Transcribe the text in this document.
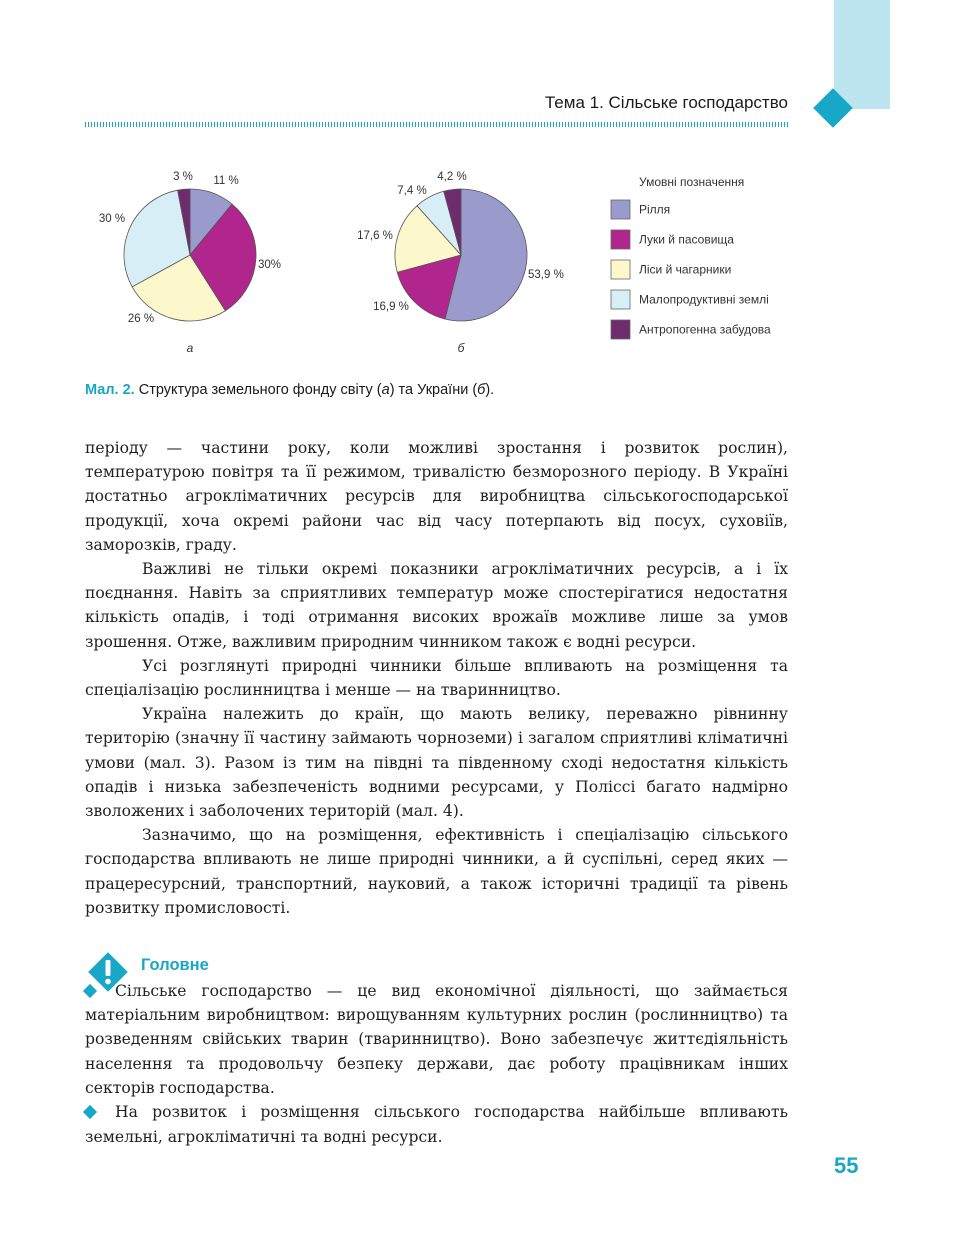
Тема 1. Сільське господарство
11 %
30%
26 %
30 %
3 %
а
53,9 %
16,9 %
17,6 %
7,4 %
4,2 %
б
Умовні позначення
Рілля
Луки й пасовища
Ліси й чагарники
Малопродуктивні землі
Антропогенна забудова
Мал. 2. Структура земельного фонду світу (а) та України (б).

періоду — частини року, коли можливі зростання і розвиток рослин), температурою повітря та її режимом, тривалістю безморозного періоду. В Україні достатньо агрокліматичних ресурсів для виробництва сільськогосподарської продукції, хоча окремі райони час від часу потерпають від посух, суховіїв, заморозків, граду.

Важливі не тільки окремі показники агрокліматичних ресурсів, а і їх поєднання. Навіть за сприятливих температур може спостерігатися недостатня кількість опадів, і тоді отримання високих врожаїв можливе лише за умов зрошення. Отже, важливим природним чинником також є водні ресурси.

Усі розглянуті природні чинники більше впливають на розміщення та спеціалізацію рослинництва і менше — на тваринництво.

Україна належить до країн, що мають велику, переважно рівнинну територію (значну її частину займають чорноземи) і загалом сприятливі кліматичні умови (мал. 3). Разом із тим на півдні та південному сході недостатня кількість опадів і низька забезпеченість водними ресурсами, у Поліссі багато надмірно зволожених і заболочених територій (мал. 4).

Зазначимо, що на розміщення, ефективність і спеціалізацію сільського господарства впливають не лише природні чинники, а й суспільні, серед яких — працересурсний, транспортний, науковий, а також історичні традиції та рівень розвитку промисловості.

Головне

Сільське господарство — це вид економічної діяльності, що займається матеріальним виробництвом: вирощуванням культурних рослин (рослинництво) та розведенням свійських тварин (тваринництво). Воно забезпечує життєдіяльність населення та продовольчу безпеку держави, дає роботу працівникам інших секторів господарства.

На розвиток і розміщення сільського господарства найбільше впливають земельні, агрокліматичні та водні ресурси.

55
